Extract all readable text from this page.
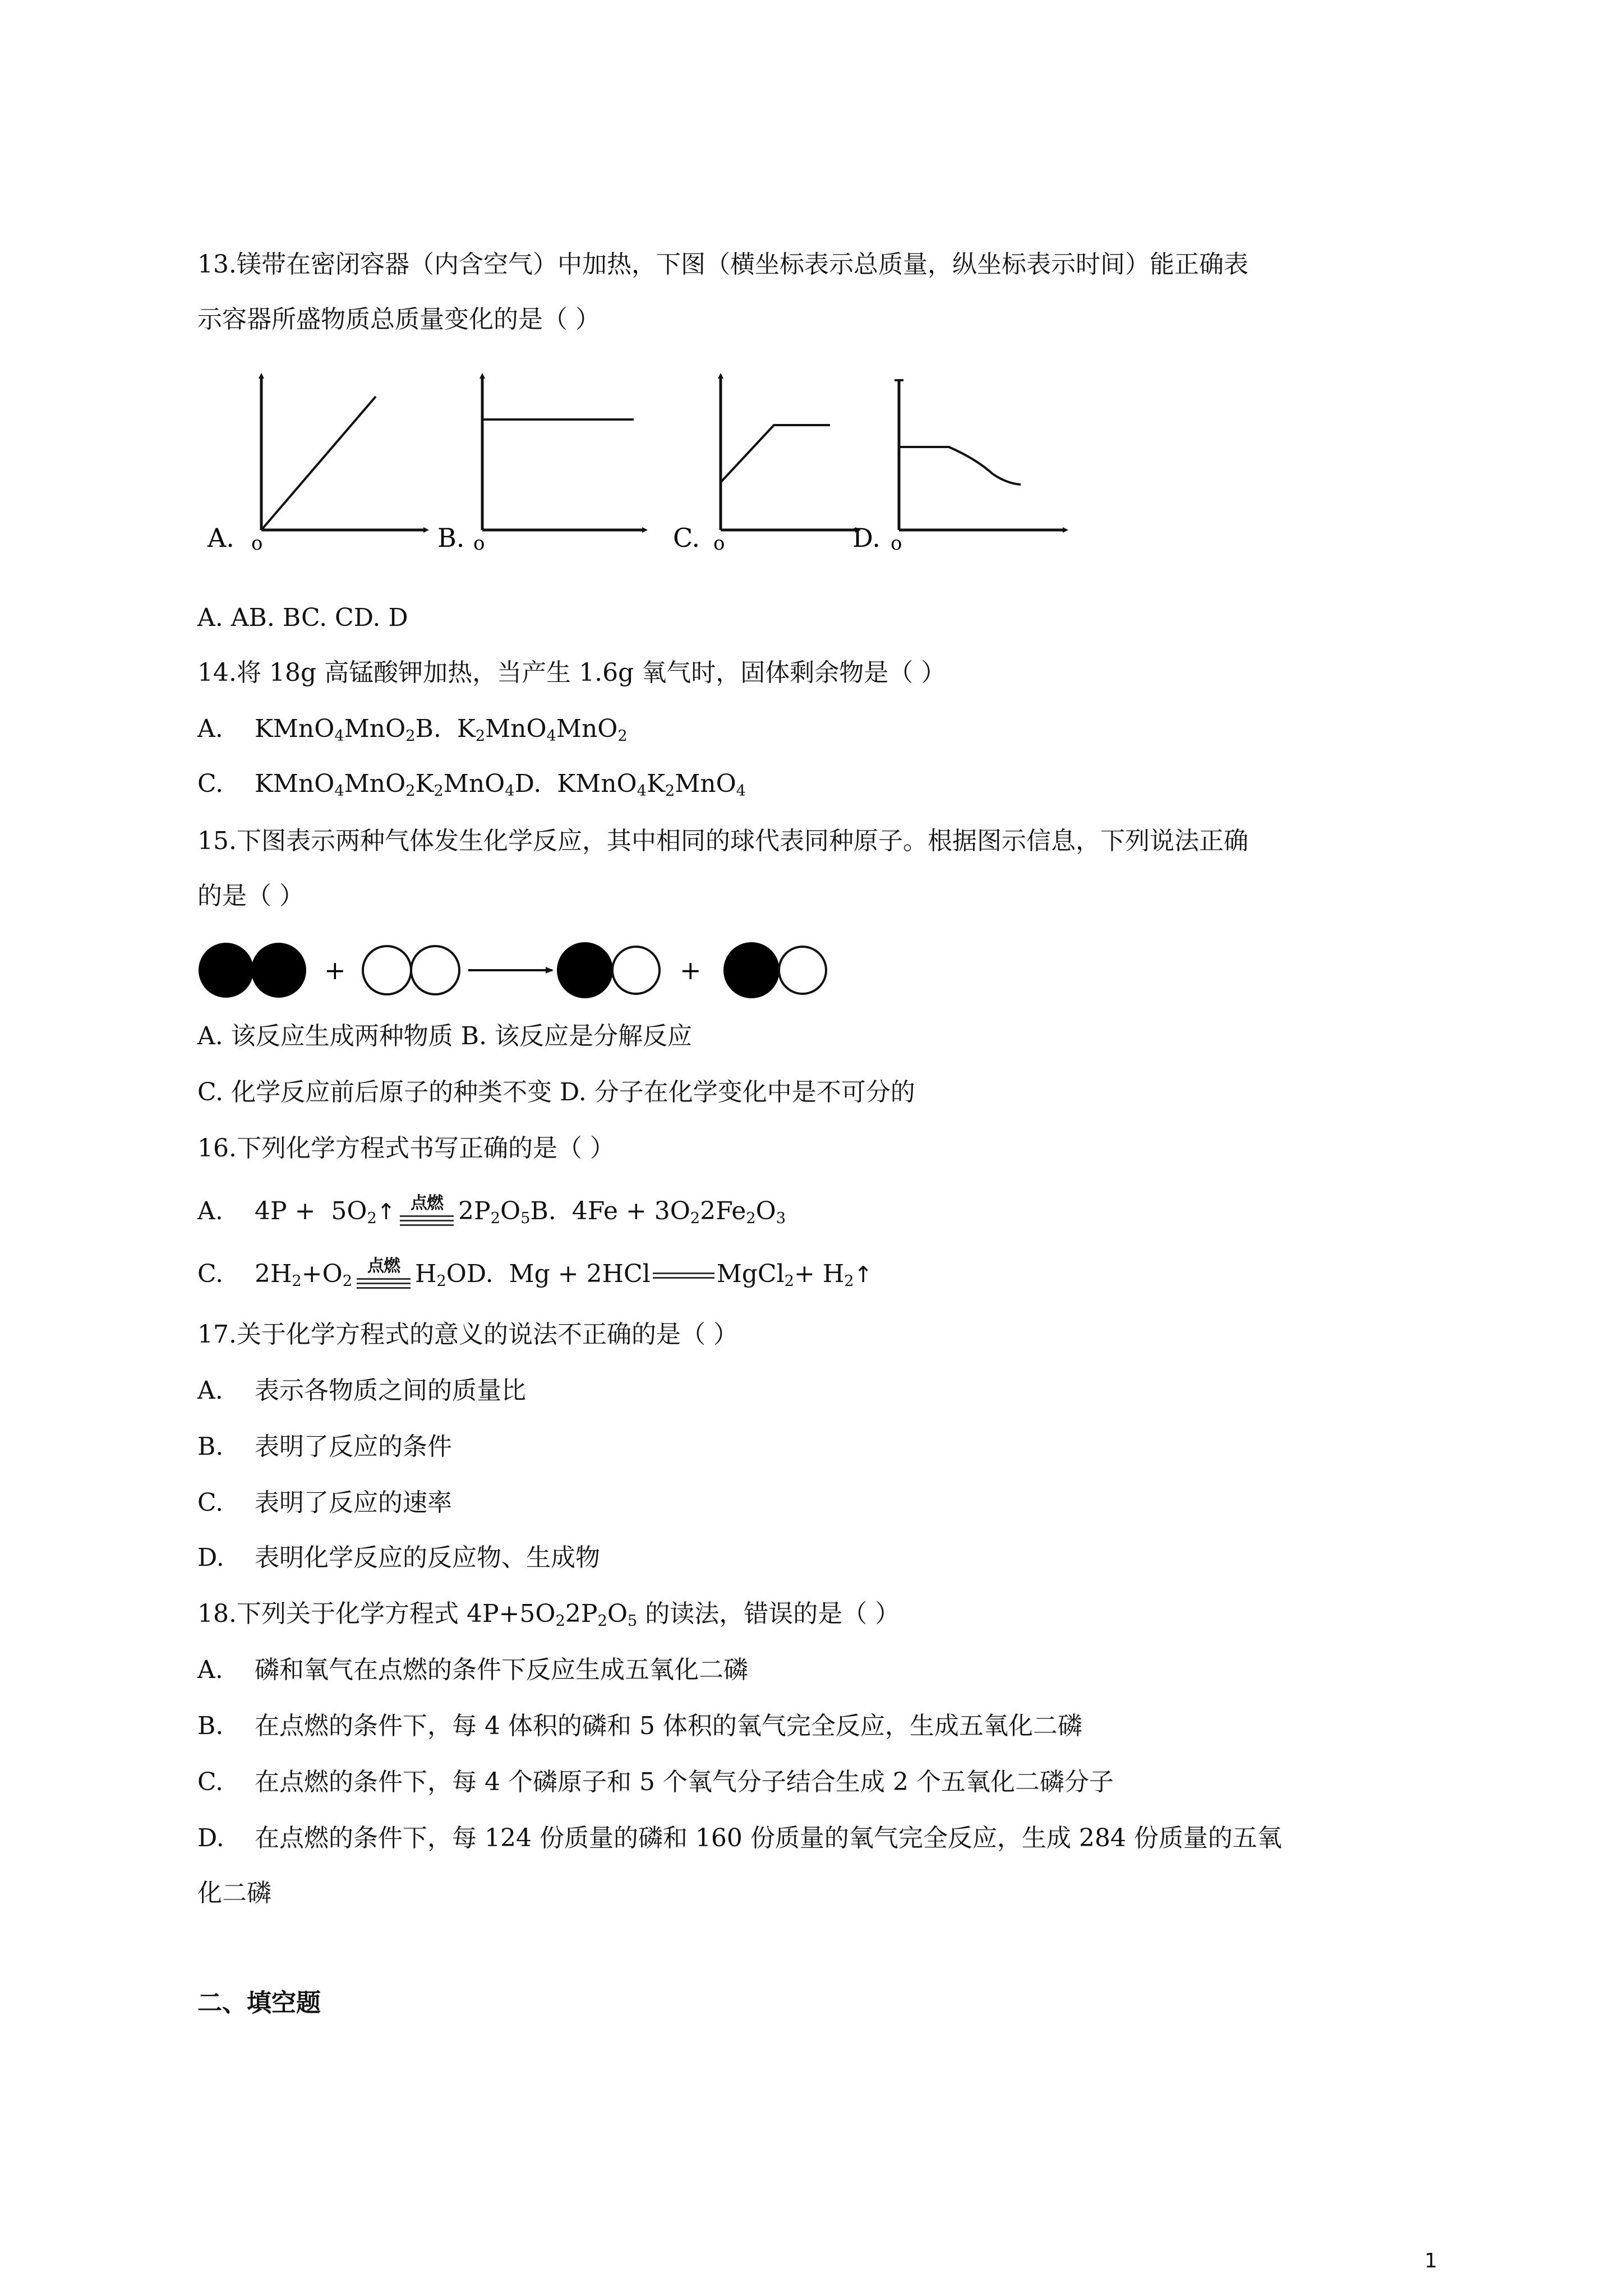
13.镁带在密闭容器（内含空气）中加热，下图（横坐标表示总质量，纵坐标表示时间）能正确表
示容器所盛物质总质量变化的是（ ）
A. o	B. o	C. o	D. o
A. AB. BC. CD. D
14.将 18g 高锰酸钾加热，当产生 1.6g 氧气时，固体剩余物是（ ）
A. KMnO$_4$MnO$_2$B.  $K_2MnO_4MnO_2$
C. $KMnO_4MnO_2K_2MnO_4D$.  $KMnO_4K_2MnO_4$
15.下图表示两种气体发生化学反应，其中相同的球代表同种原子。根据图示信息，下列说法正确
的是（ ）
+	+
A. 该反应生成两种物质 B. 该反应是分解反应
C. 化学反应前后原子的种类不变 D. 分子在化学变化中是不可分的
16.下列化学方程式书写正确的是（ ）
A. $4P + 5O_2↑$ 点燃 $2P_2O_5B$.  $4Fe + 3O_22Fe_2O_3$
C. $2H_2+O_2$
点燃 $H_2OD$.  Mg + 2HCl	MgCl$_2$+ $H_2↑$
17.关于化学方程式的意义的说法不正确的是（ ）
A. 表示各物质之间的质量比
B. 表明了反应的条件
C. 表明了反应的速率
D. 表明化学反应的反应物、生成物
18.下列关于化学方程式 $4P+5O_22P_2O_5$ 的读法，错误的是（ ）
A. 磷和氧气在点燃的条件下反应生成五氧化二磷
B. 在点燃的条件下，每 4 体积的磷和 5 体积的氧气完全反应，生成五氧化二磷
C. 在点燃的条件下，每 4 个磷原子和 5 个氧气分子结合生成 2 个五氧化二磷分子
D. 在点燃的条件下，每 124 份质量的磷和 160 份质量的氧气完全反应，生成 284 份质量的五氧
化二磷
二、填空题
1
